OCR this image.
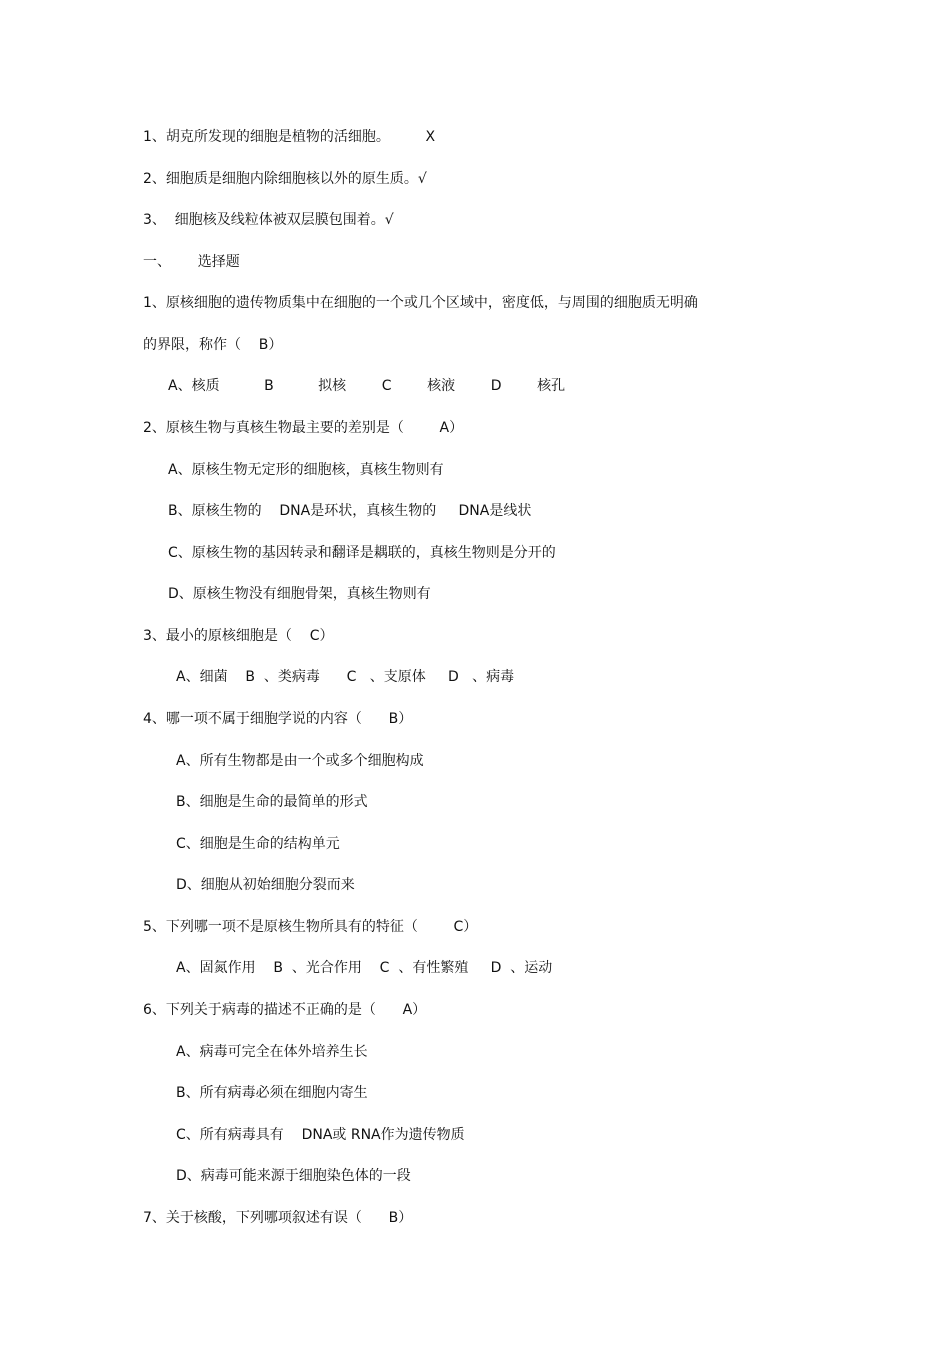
1、胡克所发现的细胞是植物的活细胞。        X
2、细胞质是细胞内除细胞核以外的原生质。√
3、  细胞核及线粒体被双层膜包围着。√
一、      选择题
1、原核细胞的遗传物质集中在细胞的一个或几个区域中，密度低，与周围的细胞质无明确
的界限，称作（    B）
A、核质          B          拟核        C        核液        D        核孔
2、原核生物与真核生物最主要的差别是（        A）
A、原核生物无定形的细胞核，真核生物则有
B、原核生物的    DNA是环状，真核生物的     DNA是线状
C、原核生物的基因转录和翻译是耦联的，真核生物则是分开的
D、原核生物没有细胞骨架，真核生物则有
3、最小的原核细胞是（    C）
A、细菌    B  、类病毒      C   、支原体     D   、病毒
4、哪一项不属于细胞学说的内容（      B）
A、所有生物都是由一个或多个细胞构成
B、细胞是生命的最简单的形式
C、细胞是生命的结构单元
D、细胞从初始细胞分裂而来
5、下列哪一项不是原核生物所具有的特征（        C）
A、固氮作用    B  、光合作用    C  、有性繁殖     D  、运动
6、下列关于病毒的描述不正确的是（      A）
A、病毒可完全在体外培养生长
B、所有病毒必须在细胞内寄生
C、所有病毒具有    DNA或 RNA作为遗传物质
D、病毒可能来源于细胞染色体的一段
7、关于核酸，下列哪项叙述有误（      B）
